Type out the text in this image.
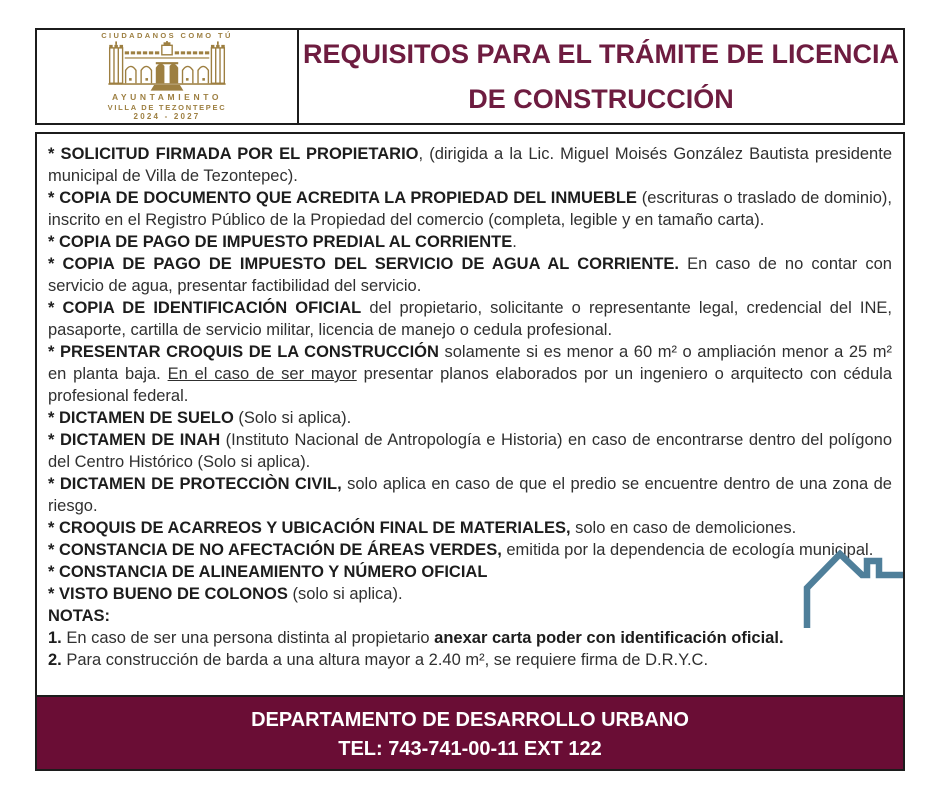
CIUDADANOS COMO TÚ
AYUNTAMIENTO
VILLA DE TEZONTEPEC
2024 - 2027
REQUISITOS PARA EL TRÁMITE DE LICENCIA DE CONSTRUCCIÓN

* SOLICITUD FIRMADA POR EL PROPIETARIO, (dirigida a la Lic. Miguel Moisés González Bautista presidente municipal de Villa de Tezontepec).

* COPIA DE DOCUMENTO QUE ACREDITA LA PROPIEDAD DEL INMUEBLE (escrituras o traslado de dominio), inscrito en el Registro Público de la Propiedad del comercio (completa, legible y en tamaño carta).

* COPIA DE PAGO DE IMPUESTO PREDIAL AL CORRIENTE.

* COPIA DE PAGO DE IMPUESTO DEL SERVICIO DE AGUA AL CORRIENTE. En caso de no contar con servicio de agua, presentar factibilidad del servicio.

* COPIA DE IDENTIFICACIÓN OFICIAL del propietario, solicitante o representante legal, credencial del INE, pasaporte, cartilla de servicio militar, licencia de manejo o cedula profesional.

* PRESENTAR CROQUIS DE LA CONSTRUCCIÓN solamente si es menor a 60 m² o ampliación menor a 25 m² en planta baja. En el caso de ser mayor presentar planos elaborados por un ingeniero o arquitecto con cédula profesional federal.

* DICTAMEN DE SUELO (Solo si aplica).

* DICTAMEN DE INAH (Instituto Nacional de Antropología e Historia) en caso de encontrarse dentro del polígono del Centro Histórico (Solo si aplica).

* DICTAMEN DE PROTECCIÒN CIVIL, solo aplica en caso de que el predio se encuentre dentro de una zona de riesgo.

* CROQUIS DE ACARREOS Y UBICACIÓN FINAL DE MATERIALES, solo en caso de demoliciones.

* CONSTANCIA DE NO AFECTACIÓN DE ÁREAS VERDES, emitida por la dependencia de ecología municipal.

* CONSTANCIA DE ALINEAMIENTO Y NÚMERO OFICIAL

* VISTO BUENO DE COLONOS (solo si aplica).

NOTAS:

1. En caso de ser una persona distinta al propietario anexar carta poder con identificación oficial.

2. Para construcción de barda a una altura mayor a 2.40 m², se requiere firma de D.R.Y.C.

DEPARTAMENTO DE DESARROLLO URBANO
TEL: 743-741-00-11 EXT 122
